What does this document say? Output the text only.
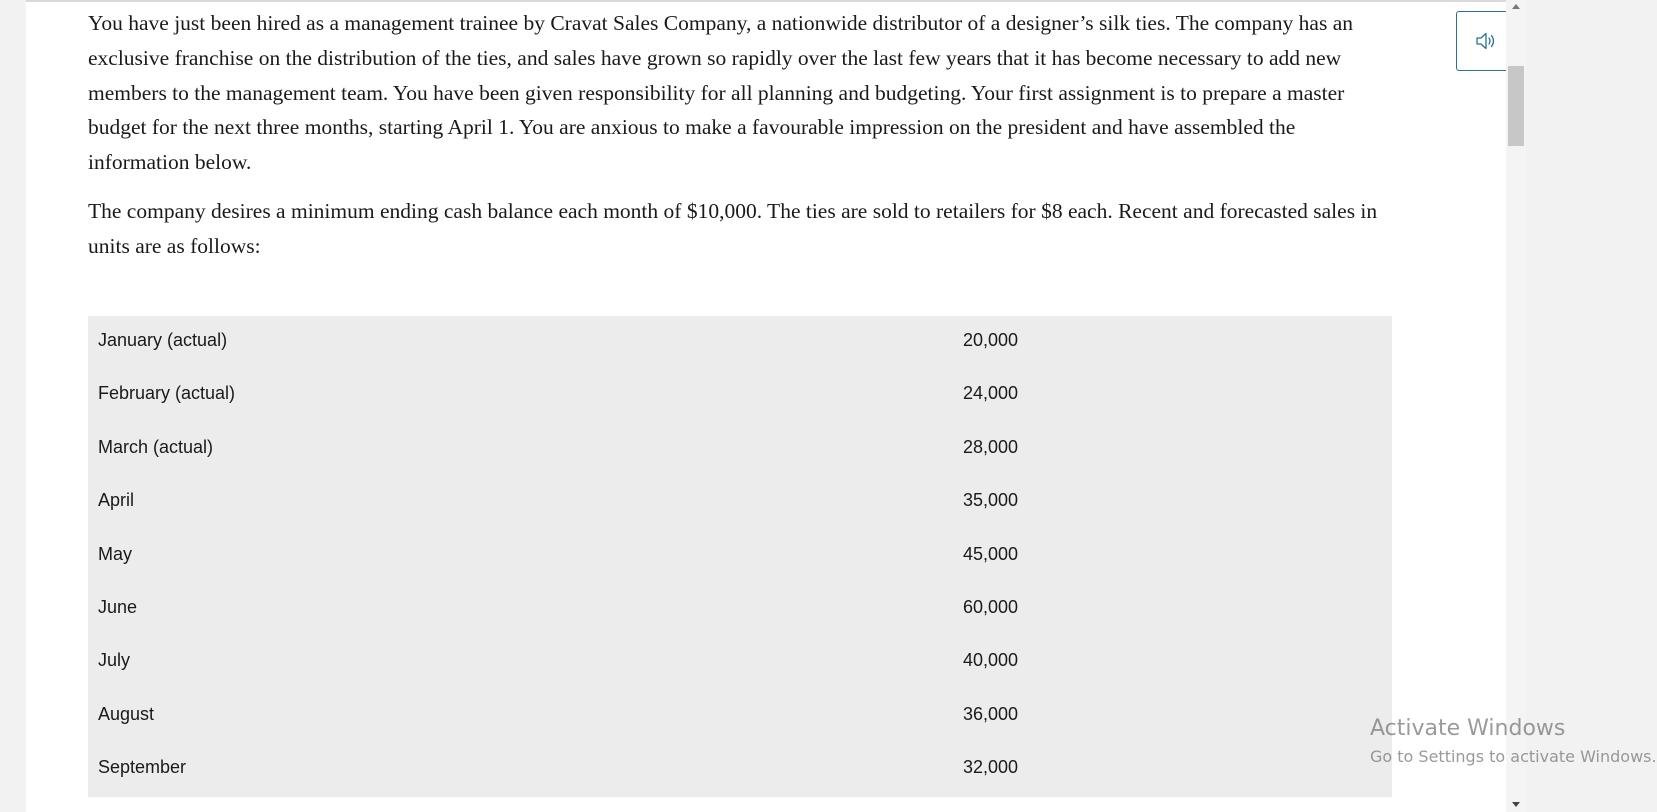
You have just been hired as a management trainee by Cravat Sales Company, a nationwide distributor of a designer’s silk ties. The company has an exclusive franchise on the distribution of the ties, and sales have grown so rapidly over the last few years that it has become necessary to add new members to the management team. You have been given responsibility for all planning and budgeting. Your first assignment is to prepare a master budget for the next three months, starting April 1. You are anxious to make a favourable impression on the president and have assembled the information below.

The company desires a minimum ending cash balance each month of $10,000. The ties are sold to retailers for $8 each. Recent and forecasted sales in units are as follows:

January (actual)	20,000
February (actual)	24,000
March (actual)	28,000
April	35,000
May	45,000
June	60,000
July	40,000
August	36,000
September	32,000
Activate Windows
Go to Settings to activate Windows.
